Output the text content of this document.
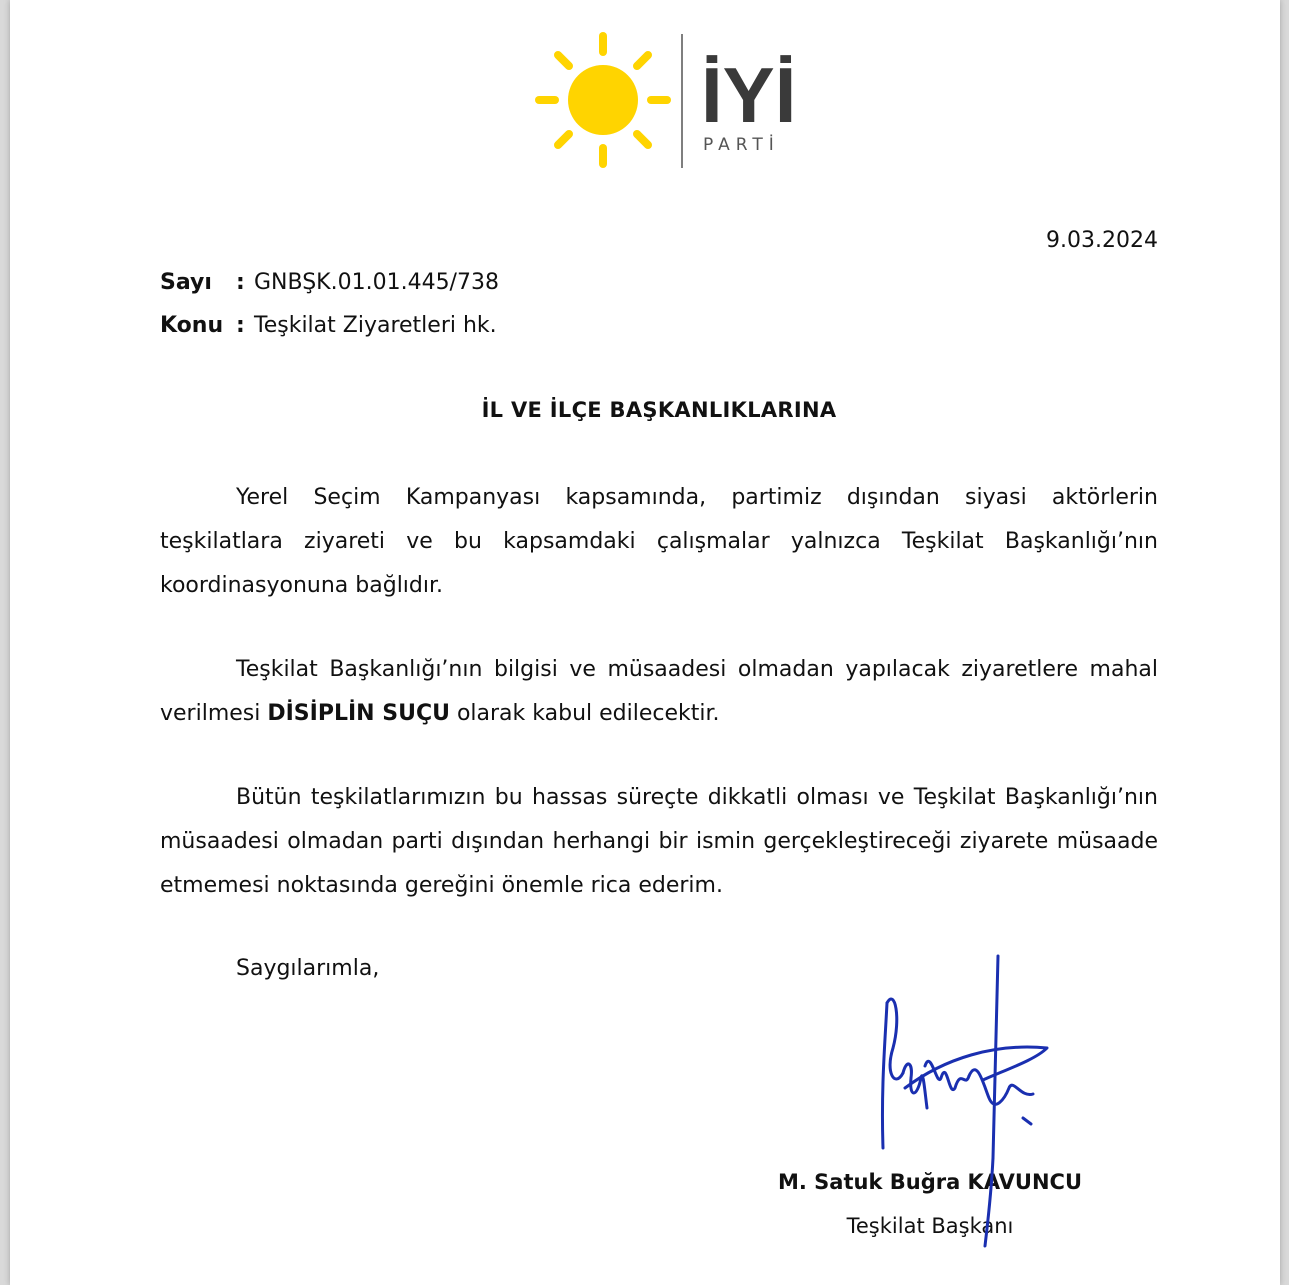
İYİ
PARTİ
9.03.2024
Sayı : GNBŞK.01.01.445/738
Konu : Teşkilat Ziyaretleri hk.
İL VE İLÇE BAŞKANLIKLARINA
Yerel Seçim Kampanyası kapsamında, partimiz dışından siyasi aktörlerin teşkilatlara ziyareti ve bu kapsamdaki çalışmalar yalnızca Teşkilat Başkanlığı’nın koordinasyonuna bağlıdır.
Teşkilat Başkanlığı’nın bilgisi ve müsaadesi olmadan yapılacak ziyaretlere mahal verilmesi DİSİPLİN SUÇU olarak kabul edilecektir.
Bütün teşkilatlarımızın bu hassas süreçte dikkatli olması ve Teşkilat Başkanlığı’nın müsaadesi olmadan parti dışından herhangi bir ismin gerçekleştireceği ziyarete müsaade etmemesi noktasında gereğini önemle rica ederim.
Saygılarımla,
M. Satuk Buğra KAVUNCU
Teşkilat Başkanı
